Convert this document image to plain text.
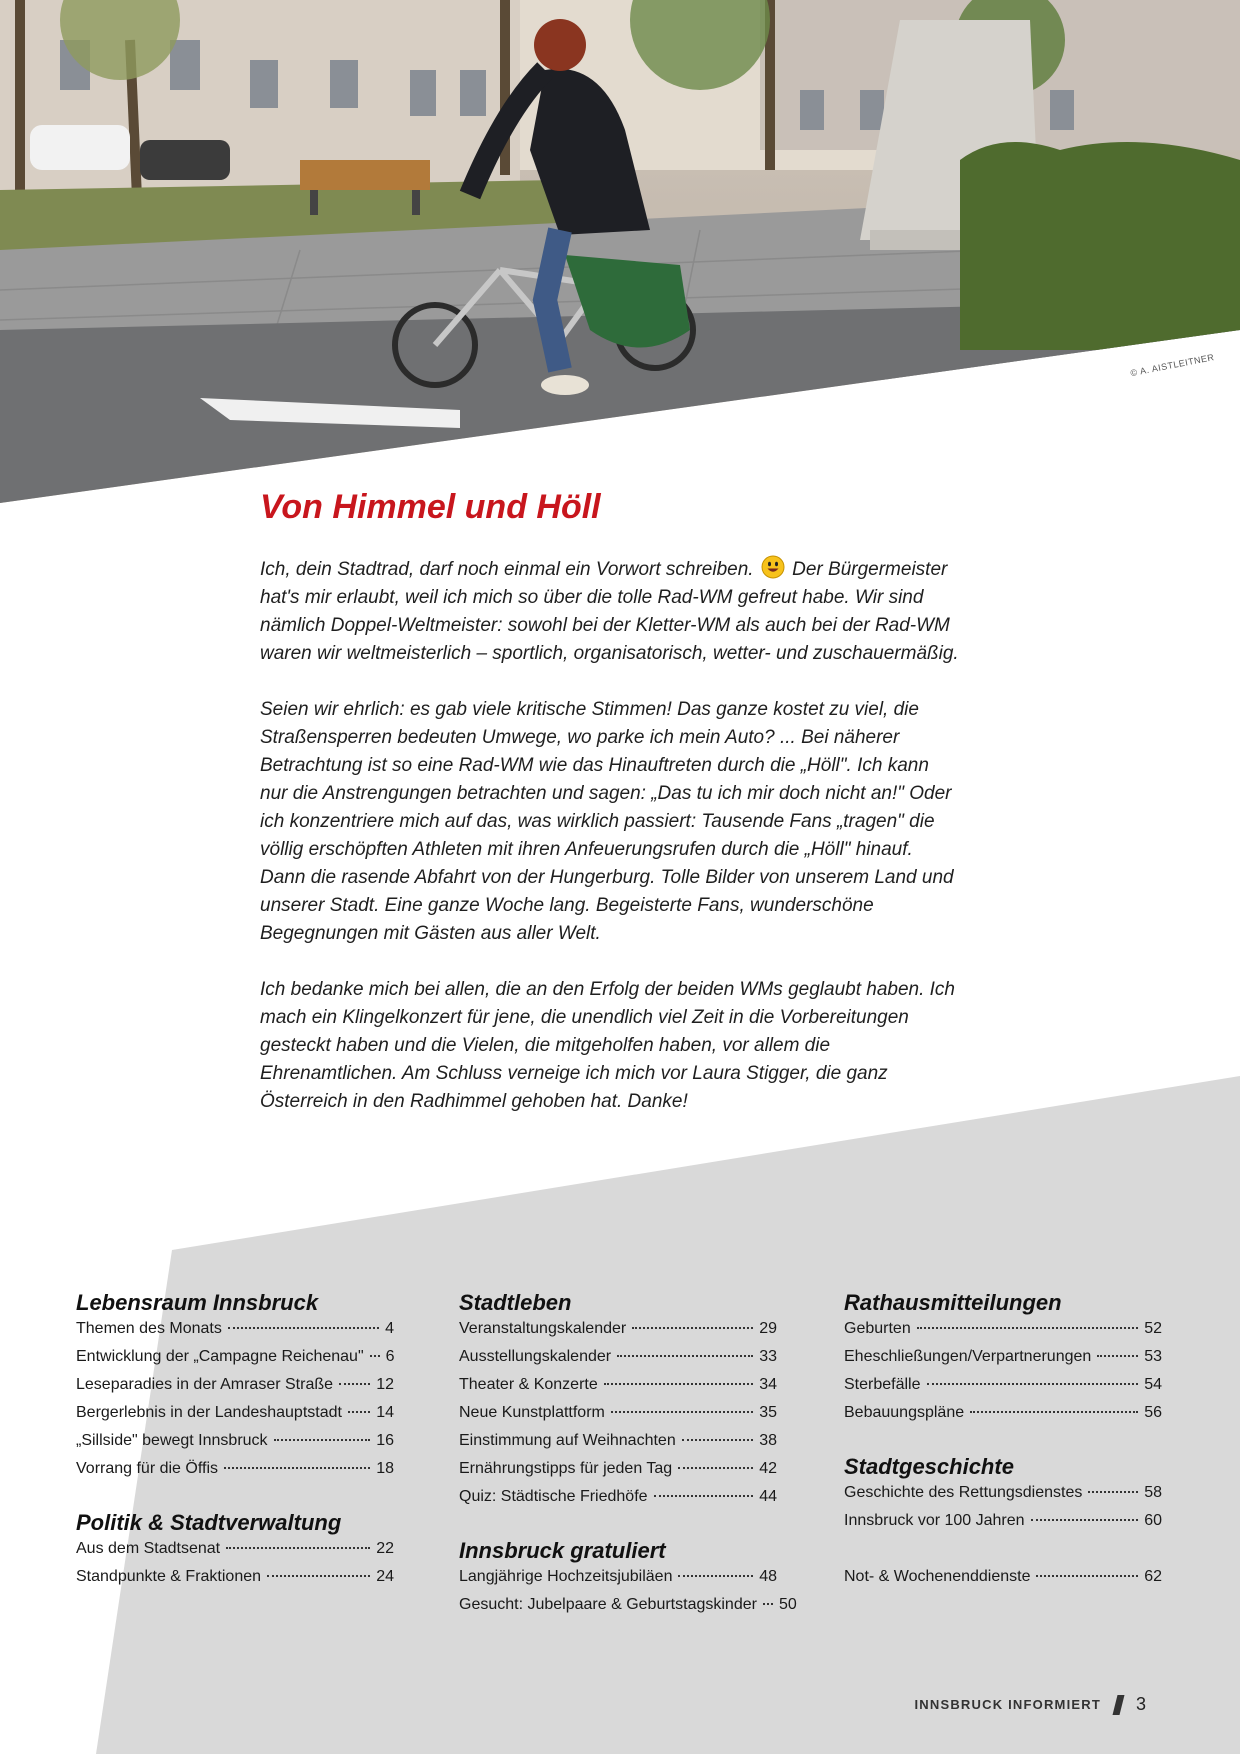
© A. AISTLEITNER
Von Himmel und Höll

Ich, dein Stadtrad, darf noch einmal ein Vorwort schreiben.  Der Bürgermeister hat's mir erlaubt, weil ich mich so über die tolle Rad-WM gefreut habe. Wir sind nämlich Doppel-Weltmeister: sowohl bei der Kletter-WM als auch bei der Rad-WM waren wir weltmeisterlich – sportlich, organisatorisch, wetter- und zuschauermäßig.

Seien wir ehrlich: es gab viele kritische Stimmen! Das ganze kostet zu viel, die Straßensperren bedeuten Umwege, wo parke ich mein Auto? ... Bei näherer Betrachtung ist so eine Rad-WM wie das Hinauftreten durch die „Höll". Ich kann nur die Anstrengungen betrachten und sagen: „Das tu ich mir doch nicht an!" Oder ich konzentriere mich auf das, was wirklich passiert: Tausende Fans „tragen" die völlig erschöpften Athleten mit ihren Anfeuerungsrufen durch die „Höll" hinauf. Dann die rasende Abfahrt von der Hungerburg. Tolle Bilder von unserem Land und unserer Stadt. Eine ganze Woche lang. Begeisterte Fans, wunderschöne Begegnungen mit Gästen aus aller Welt.

Ich bedanke mich bei allen, die an den Erfolg der beiden WMs geglaubt haben. Ich mach ein Klingelkonzert für jene, die unendlich viel Zeit in die Vorbereitungen gesteckt haben und die Vielen, die mitgeholfen haben, vor allem die Ehrenamtlichen. Am Schluss verneige ich mich vor Laura Stigger, die ganz Österreich in den Radhimmel gehoben hat. Danke!

Lebensraum Innsbruck
Themen des Monats	4
Entwicklung der „Campagne Reichenau" 6
Leseparadies in der Amraser Straße	12
Bergerlebnis in der Landeshauptstadt 14
„Sillside" bewegt Innsbruck	16
Vorrang für die Öffis	18
Politik & Stadtverwaltung
Aus dem Stadtsenat	22
Standpunkte & Fraktionen	24
Stadtleben
Veranstaltungskalender	29
Ausstellungskalender	33
Theater & Konzerte	34
Neue Kunstplattform	35
Einstimmung auf Weihnachten	38
Ernährungstipps für jeden Tag	42
Quiz: Städtische Friedhöfe	44
Innsbruck gratuliert
Langjährige Hochzeitsjubiläen	48
Gesucht: Jubelpaare & Geburtstagskinder 50
Rathausmitteilungen
Geburten	52
Eheschließungen/Verpartnerungen	53
Sterbefälle	54
Bebauungspläne	56
Stadtgeschichte
Geschichte des Rettungsdienstes	58
Innsbruck vor 100 Jahren	60
Not- & Wochenenddienste	62
INNSBRUCK INFORMIERT 3
